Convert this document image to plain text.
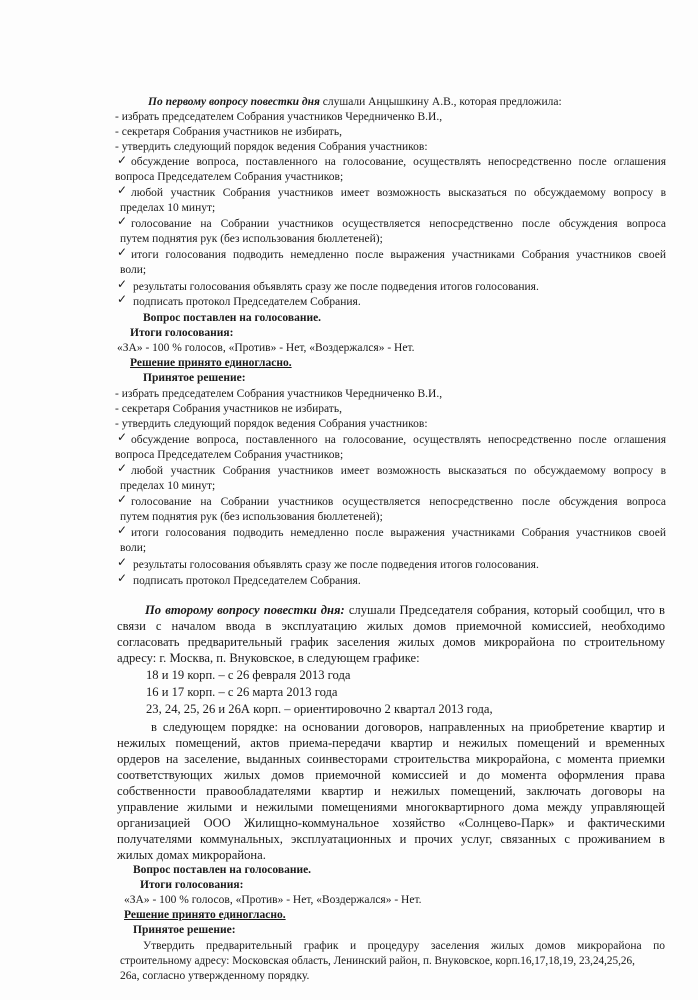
По первому вопросу повестки дня слушали Анцышкину А.В., которая предложила:
- избрать председателем Собрания участников Чередниченко В.И.,
- секретаря Собрания участников не избирать,
- утвердить следующий порядок ведения Собрания участников:
✓ обсуждение вопроса, поставленного на голосование, осуществлять непосредственно после оглашения
вопроса Председателем Собрания участников;
✓ любой участник Собрания участников имеет возможность высказаться по обсуждаемому вопросу в
пределах 10 минут;
✓ голосование на Собрании участников осуществляется непосредственно после обсуждения вопроса
путем поднятия рук (без использования бюллетеней);
✓ итоги голосования подводить немедленно после выражения участниками Собрания участников своей
воли;
✓ результаты голосования объявлять сразу же после подведения итогов голосования.
✓ подписать протокол Председателем Собрания.
Вопрос поставлен на голосование.
Итоги голосования:
«ЗА» - 100 % голосов, «Против» - Нет, «Воздержался» - Нет.
Решение принято единогласно.
Принятое решение:
- избрать председателем Собрания участников Чередниченко В.И.,
- секретаря Собрания участников не избирать,
- утвердить следующий порядок ведения Собрания участников:
✓ обсуждение вопроса, поставленного на голосование, осуществлять непосредственно после оглашения
вопроса Председателем Собрания участников;
✓ любой участник Собрания участников имеет возможность высказаться по обсуждаемому вопросу в
пределах 10 минут;
✓ голосование на Собрании участников осуществляется непосредственно после обсуждения вопроса
путем поднятия рук (без использования бюллетеней);
✓ итоги голосования подводить немедленно после выражения участниками Собрания участников своей
воли;
✓ результаты голосования объявлять сразу же после подведения итогов голосования.
✓ подписать протокол Председателем Собрания.
По второму вопросу повестки дня: слушали Председателя собрания, который сообщил, что в
связи с началом ввода в эксплуатацию жилых домов приемочной комиссией, необходимо
согласовать предварительный график заселения жилых домов микрорайона по строительному
адресу: г. Москва, п. Внуковское, в следующем графике:
18 и 19 корп. – с 26 февраля 2013 года
16 и 17 корп. – с 26 марта 2013 года
23, 24, 25, 26 и 26А корп. – ориентировочно 2 квартал 2013 года,
в следующем порядке: на основании договоров, направленных на приобретение квартир и
нежилых помещений, актов приема-передачи квартир и нежилых помещений и временных
ордеров на заселение, выданных соинвесторами строительства микрорайона, с момента приемки
соответствующих жилых домов приемочной комиссией и до момента оформления права
собственности правообладателями квартир и нежилых помещений, заключать договоры на
управление жилыми и нежилыми помещениями многоквартирного дома между управляющей
организацией ООО Жилищно-коммунальное хозяйство «Солнцево-Парк» и фактическими
получателями коммунальных, эксплуатационных и прочих услуг, связанных с проживанием в
жилых домах микрорайона.
Вопрос поставлен на голосование.
Итоги голосования:
«ЗА» - 100 % голосов, «Против» - Нет, «Воздержался» - Нет.
Решение принято единогласно.
Принятое решение:
Утвердить предварительный график и процедуру заселения жилых домов микрорайона по
строительному адресу: Московская область, Ленинский район, п. Внуковское, корп.16,17,18,19, 23,24,25,26,
26а, согласно утвержденному порядку.
